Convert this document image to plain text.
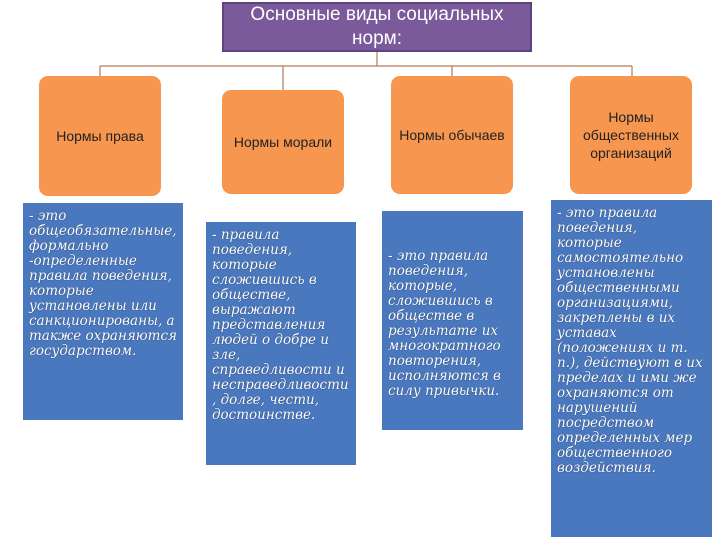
Основные виды социальных норм:
Нормы права	Нормы морали	Нормы обычаев
Нормы общественных организаций
- это общеобязательные, формально -определенные правила поведения, которые установлены или санкционированы, а также охраняются государством.
- правила поведения, которые сложившись в обществе, выражают представления людей о добре и зле, справедливости и несправедливости, долге, чести, достоинстве.
- это правила поведения, которые, сложившись в обществе в результате их многократного повторения, исполняются в силу привычки.
- это правила поведения, которые самостоятельно установлены общественными организациями, закреплены в их уставах (положениях и т. п.), действуют в их пределах и ими же охраняются от нарушений посредством определенных мер общественного воздействия.
